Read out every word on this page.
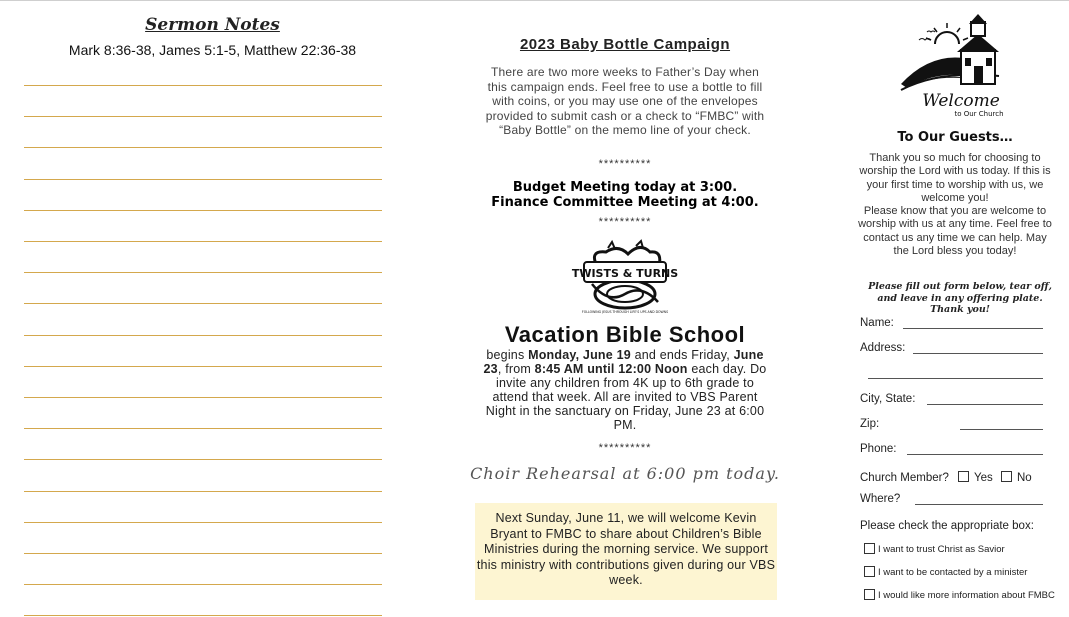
Sermon Notes
Mark 8:36-38, James 5:1-5, Matthew 22:36-38	2023 Baby Bottle Campaign
There are two more weeks to Father’s Day when this campaign ends. Feel free to use a bottle to fill with coins, or you may use one of the envelopes provided to submit cash or a check to “FMBC” with “Baby Bottle” on the memo line of your check.
**********
Budget Meeting today at 3:00.
Finance Committee Meeting at 4:00.
**********
TWISTS & TURNS
FOLLOWING JESUS THROUGH LIFE'S UPS AND DOWNS
Vacation Bible School
begins Monday, June 19 and ends Friday, June 23, from 8:45 AM until 12:00 Noon each day. Do invite any children from 4K up to 6th grade to attend that week. All are invited to VBS Parent Night in the sanctuary on Friday, June 23 at 6:00 PM.
**********
Choir Rehearsal at 6:00 pm today.
Next Sunday, June 11, we will welcome Kevin Bryant to FMBC to share about Children’s Bible Ministries during the morning service. We support this ministry with contributions given during our VBS week.
Welcome
to Our Church
To Our Guests…
Thank you so much for choosing to worship the Lord with us today. If this is your first time to worship with us, we welcome you!
Please know that you are welcome to worship with us at any time. Feel free to contact us any time we can help. May the Lord bless you today!
Please fill out form below, tear off, and leave in any offering plate. Thank you!
Name:
Address:
City, State:
Zip:
Phone:
Church Member? Yes No
Where?
Please check the appropriate box:
I want to trust Christ as Savior
I want to be contacted by a minister
I would like more information about FMBC
